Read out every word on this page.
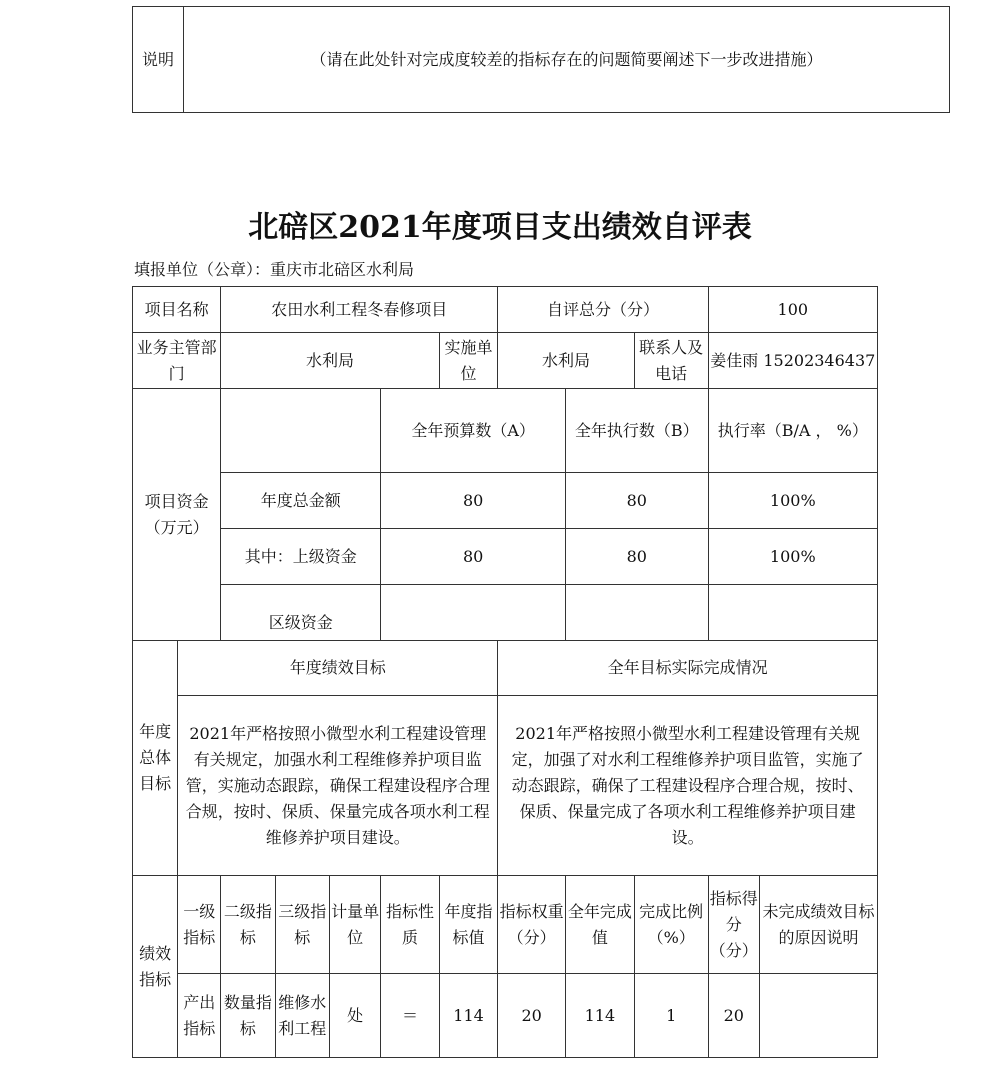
说明	（请在此处针对完成度较差的指标存在的问题简要阐述下一步改进措施）
北碚区2021年度项目支出绩效自评表
填报单位（公章）：重庆市北碚区水利局
项目名称		农田水利工程冬春修项目					自评总分（分）			100	
业务主管部门		水利局				实施单位	水利局		联系人及电话	姜佳雨 15202346437	
项目资金（万元）					全年预算数（A）			全年执行数（B）		执行率（B/A ， %）	
		年度总金额			80			80		100%	
		其中：上级资金			80			80		100%	
		区级资金									
年度总体目标	年度绩效目标						全年目标实际完成情况				
	2021年严格按照小微型水利工程建设管理有关规定，加强水利工程维修养护项目监管，实施动态跟踪，确保工程建设程序合理合规，按时、保质、保量完成各项水利工程维修养护项目建设。						2021年严格按照小微型水利工程建设管理有关规定，加强了对水利工程维修养护项目监管，实施了动态跟踪，确保了工程建设程序合理合规，按时、保质、保量完成了各项水利工程维修养护项目建设。				
绩效指标	一级指标	二级指标	三级指标	计量单位	指标性质	年度指标值	指标权重（分）	全年完成值	完成比例（%）	指标得分（分）	未完成绩效目标的原因说明
	产出指标	数量指标	维修水利工程	处	＝	114	20	114	1	20	
